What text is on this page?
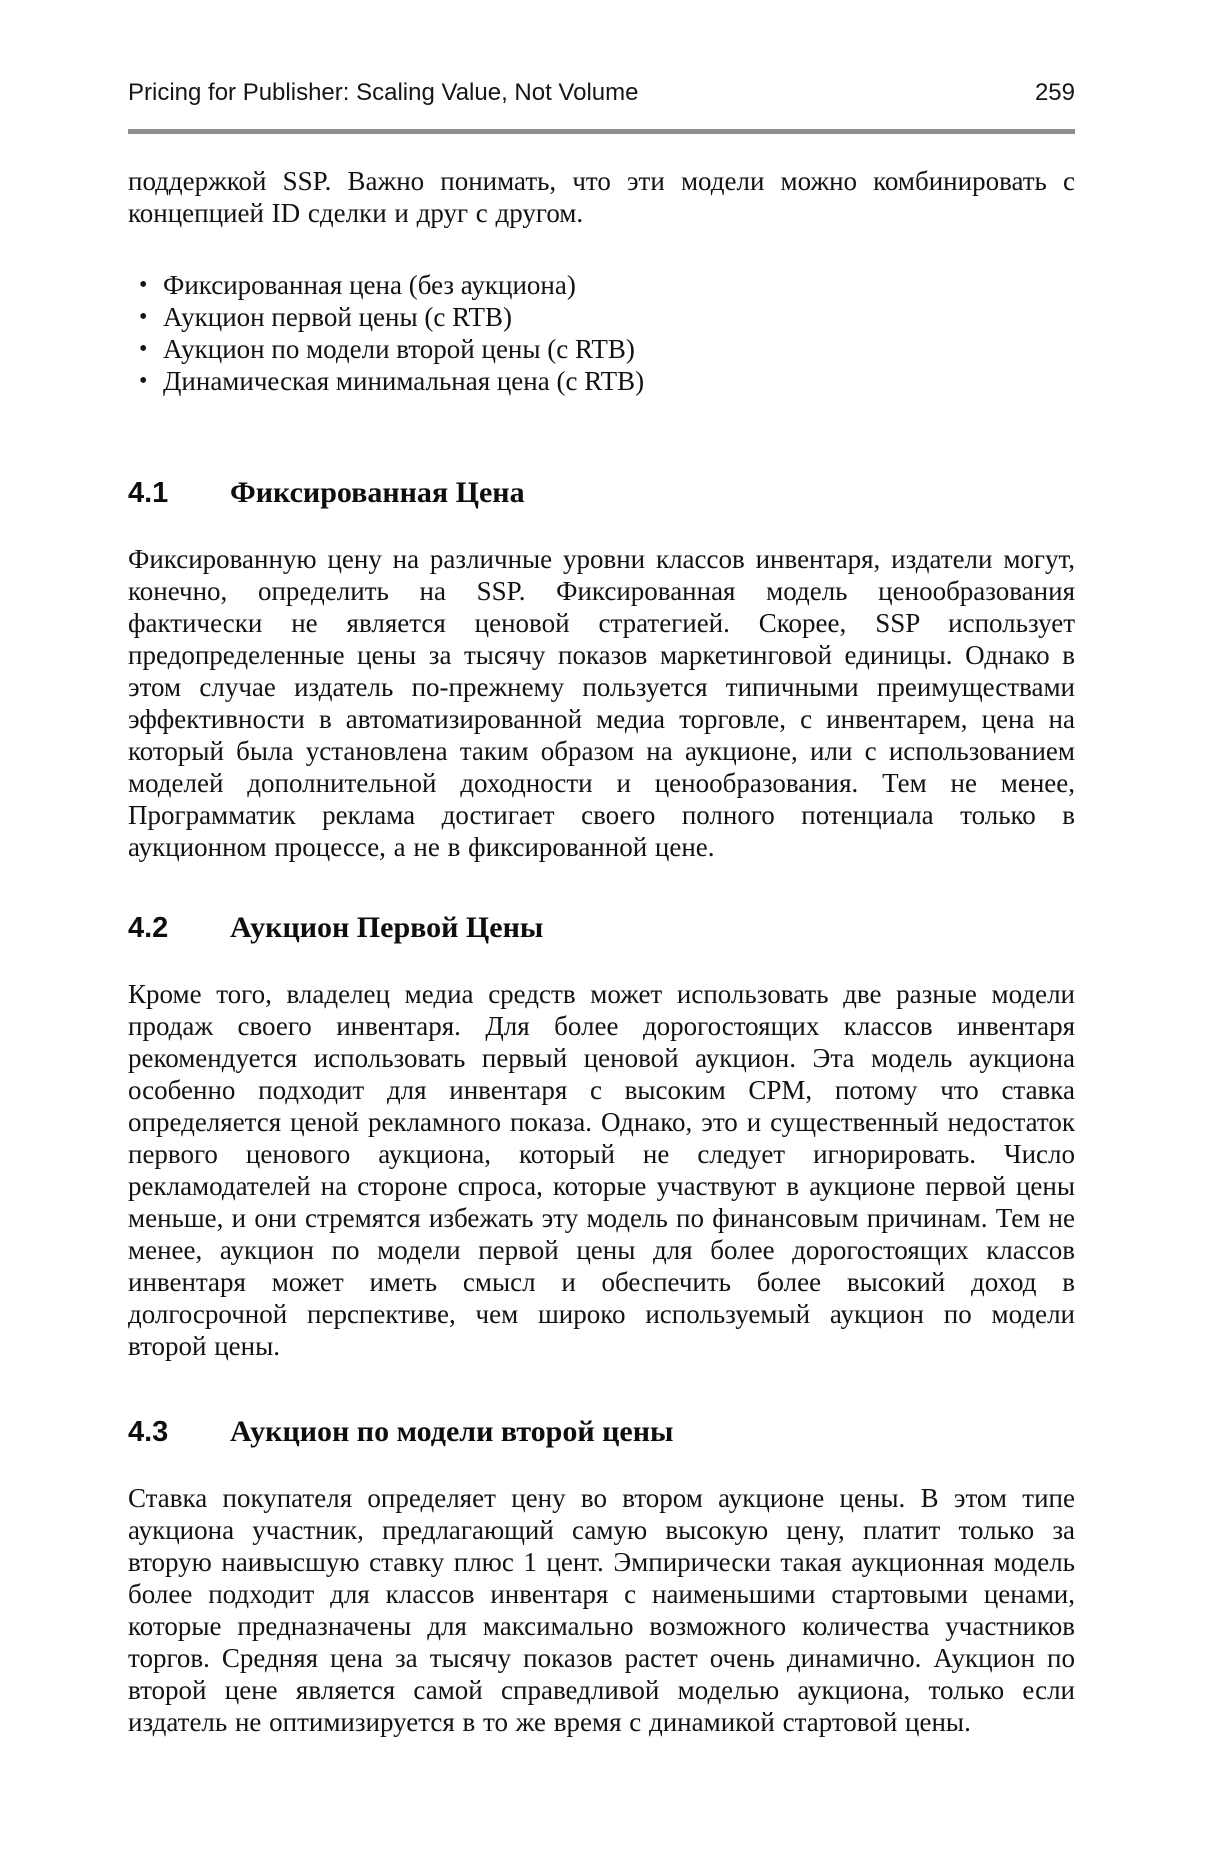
Pricing for Publisher: Scaling Value, Not Volume	259

поддержкой SSP. Важно понимать, что эти модели можно комбинировать с концепцией ID сделки и друг с другом.

• Фиксированная цена (без аукциона)
• Аукцион первой цены (с RTB)
• Аукцион по модели второй цены (с RTB)
• Динамическая минимальная цена (с RTB)
4.1	Фиксированная Цена

Фиксированную цену на различные уровни классов инвентаря, издатели могут, конечно, определить на SSP. Фиксированная модель ценообразования фактически не является ценовой стратегией. Скорее, SSP использует предопределенные цены за тысячу показов маркетинговой единицы. Однако в этом случае издатель по-прежнему пользуется типичными преимуществами эффективности в автоматизированной медиа торговле, с инвентарем, цена на который была установлена таким образом на аукционе, или с использованием моделей дополнительной доходности и ценообразования. Тем не менее, Программатик реклама достигает своего полного потенциала только в аукционном процессе, а не в фиксированной цене.

4.2	Аукцион Первой Цены

Кроме того, владелец медиа средств может использовать две разные модели продаж своего инвентаря. Для более дорогостоящих классов инвентаря рекомендуется использовать первый ценовой аукцион. Эта модель аукциона особенно подходит для инвентаря с высоким CPM, потому что ставка определяется ценой рекламного показа. Однако, это и существенный недостаток первого ценового аукциона, который не следует игнорировать. Число рекламодателей на стороне спроса, которые участвуют в аукционе первой цены меньше, и они стремятся избежать эту модель по финансовым причинам. Тем не менее, аукцион по модели первой цены для более дорогостоящих классов инвентаря может иметь смысл и обеспечить более высокий доход в долгосрочной перспективе, чем широко используемый аукцион по модели второй цены.

4.3	Аукцион по модели второй цены

Ставка покупателя определяет цену во втором аукционе цены. В этом типе аукциона участник, предлагающий самую высокую цену, платит только за вторую наивысшую ставку плюс 1 цент. Эмпирически такая аукционная модель более подходит для классов инвентаря с наименьшими стартовыми ценами, которые предназначены для максимально возможного количества участников торгов. Средняя цена за тысячу показов растет очень динамично. Аукцион по второй цене является самой справедливой моделью аукциона, только если издатель не оптимизируется в то же время с динамикой стартовой цены.
